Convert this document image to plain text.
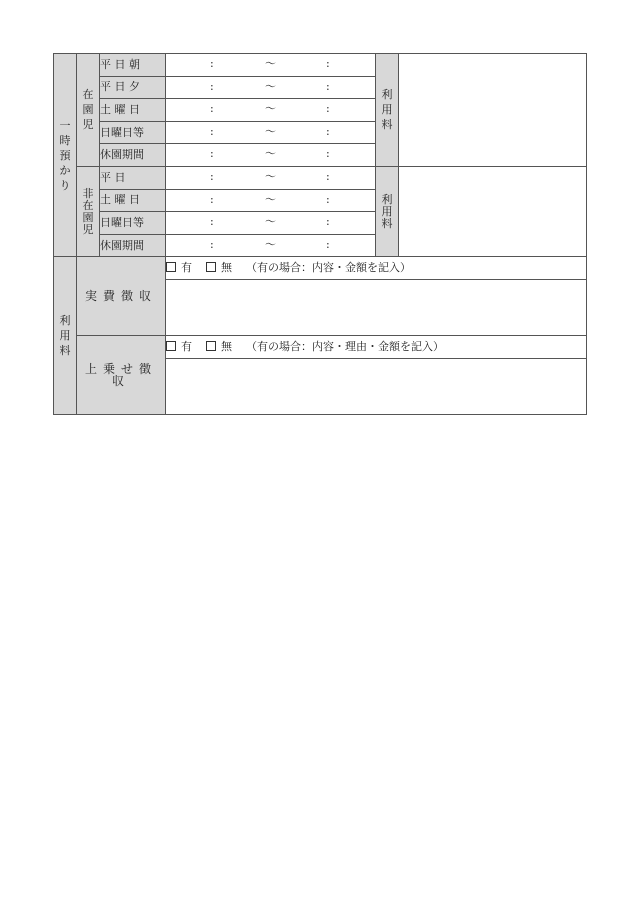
一
時
預
か
り	在
園
児	平 日 朝	: 〜 :	利
用
料	

		平 日 夕	: 〜 :		

		土 曜 日	: 〜 :		

		日曜日等	: 〜 :		

		休園期間	: 〜 :		

	非
在
園
児	平 日	: 〜 :	利
用
料	

		土 曜 日	: 〜 :		

		日曜日等	: 〜 :		

		休園期間	: 〜 :		

利
用
料	実費徴収		有 無 （有の場合：内容・金額を記入）		

	上乗せ徴収		有 無 （有の場合：内容・理由・金額を記入）		
